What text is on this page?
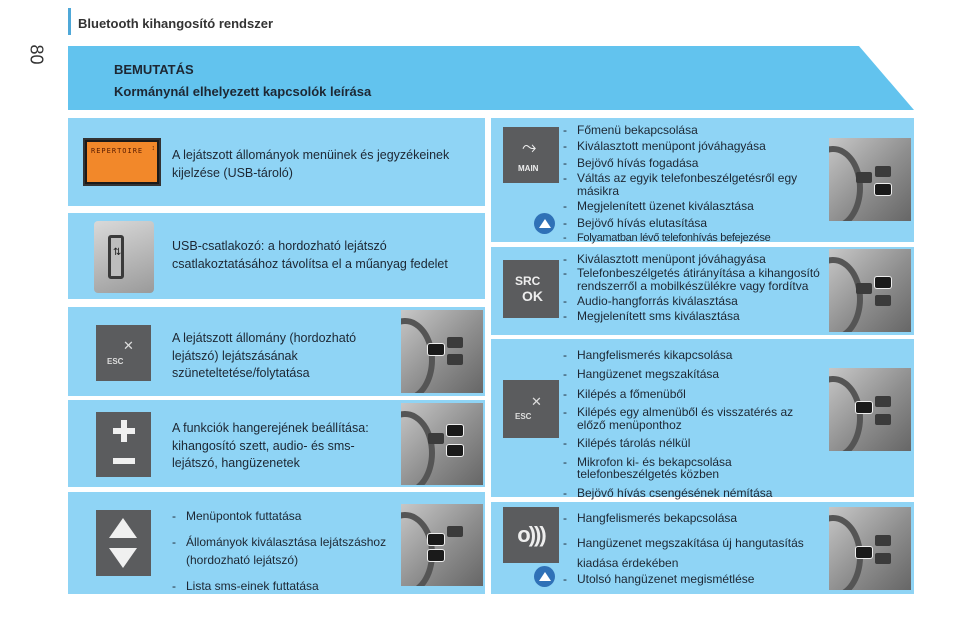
80
Bluetooth kihangosító rendszer
BEMUTATÁS
Kormánynál elhelyezett kapcsolók leírása
REPERTOIRE ↕ A lejátszott állományok menüinek és jegyzékeinek kijelzése (USB-tároló)
⇅	USB-csatlakozó: a hordozható lejátszó csatlakoztatásához távolítsa el a műanyag fedelet
✕
ESC
A lejátszott állomány (hordozható lejátszó) lejátszásának szüneteltetése/folytatása
A funkciók hangerejének beállítása: kihangosító szett, audio- és sms-lejátszó, hangüzenetek
- Menüpontok futtatása
- Állományok kiválasztása lejátszáshoz (hordozható lejátszó)
- Lista sms-einek futtatása
⤳
MAIN
- Főmenü bekapcsolása
- Kiválasztott menüpont jóváhagyása
- Bejövő hívás fogadása
- Váltás az egyik telefonbeszélgetésről egy másikra
- Megjelenített üzenet kiválasztása
- Bejövő hívás elutasítása
- Folyamatban lévő telefonhívás befejezése
SRC
OK
- Kiválasztott menüpont jóváhagyása
- Telefonbeszélgetés átirányítása a kihangosító rendszerről a mobilkészülékre vagy fordítva
- Audio-hangforrás kiválasztása
- Megjelenített sms kiválasztása
✕
ESC
- Hangfelismerés kikapcsolása
- Hangüzenet megszakítása
- Kilépés a főmenüből
- Kilépés egy almenüből és visszatérés az előző menüponthoz
- Kilépés tárolás nélkül
- Mikrofon ki- és bekapcsolása telefonbeszélgetés közben
- Bejövő hívás csengésének némítása
o)))
- Hangfelismerés bekapcsolása
- Hangüzenet megszakítása új hangutasítás kiadása érdekében
- Utolsó hangüzenet megismétlése
